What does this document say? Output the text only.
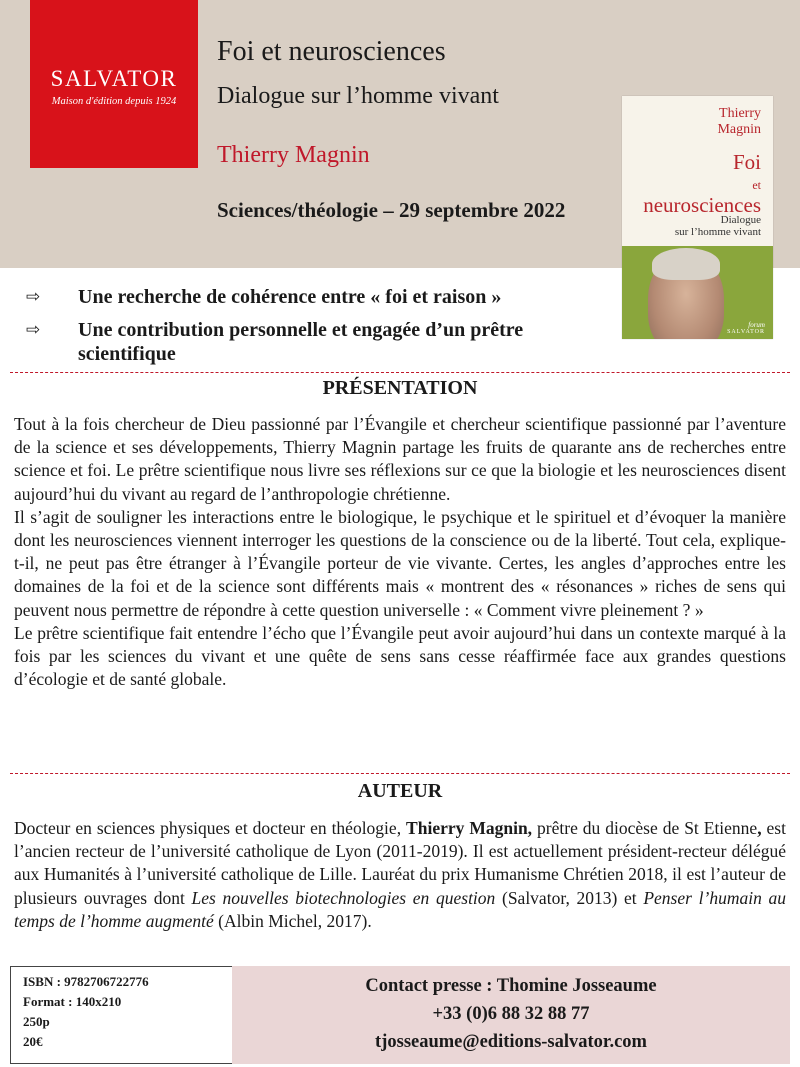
SALVATOR
Maison d'édition depuis 1924
Foi et neurosciences
Dialogue sur l’homme vivant
Thierry Magnin
Sciences/théologie – 29 septembre 2022
Thierry
Magnin
Foi
et
neurosciences
Dialogue
sur l’homme vivant
forum
SALVATOR
⇨ Une recherche de cohérence entre « foi et raison »
⇨ Une contribution personnelle et engagée d’un prêtre scientifique
PRÉSENTATION

Tout à la fois chercheur de Dieu passionné par l’Évangile et chercheur scientifique passionné par l’aventure de la science et ses développements, Thierry Magnin partage les fruits de quarante ans de recherches entre science et foi. Le prêtre scientifique nous livre ses réflexions sur ce que la biologie et les neurosciences disent aujourd’hui du vivant au regard de l’anthropologie chrétienne.

Il s’agit de souligner les interactions entre le biologique, le psychique et le spirituel et d’évoquer la manière dont les neurosciences viennent interroger les questions de la conscience ou de la liberté. Tout cela, explique-t-il, ne peut pas être étranger à l’Évangile porteur de vie vivante. Certes, les angles d’approches entre les domaines de la foi et de la science sont différents mais « montrent des « résonances » riches de sens qui peuvent nous permettre de répondre à cette question universelle : « Comment vivre pleinement ? »

Le prêtre scientifique fait entendre l’écho que l’Évangile peut avoir aujourd’hui dans un contexte marqué à la fois par les sciences du vivant et une quête de sens sans cesse réaffirmée face aux grandes questions d’écologie et de santé globale.

AUTEUR

Docteur en sciences physiques et docteur en théologie, Thierry Magnin, prêtre du diocèse de St Etienne, est l’ancien recteur de l’université catholique de Lyon (2011-2019). Il est actuellement président-recteur délégué aux Humanités à l’université catholique de Lille. Lauréat du prix Humanisme Chrétien 2018, il est l’auteur de plusieurs ouvrages dont Les nouvelles biotechnologies en question (Salvator, 2013) et Penser l’humain au temps de l’homme augmenté (Albin Michel, 2017).

ISBN : 9782706722776
Format : 140x210
250p
20€
Contact presse : Thomine Josseaume
+33 (0)6 88 32 88 77
tjosseaume@editions-salvator.com
